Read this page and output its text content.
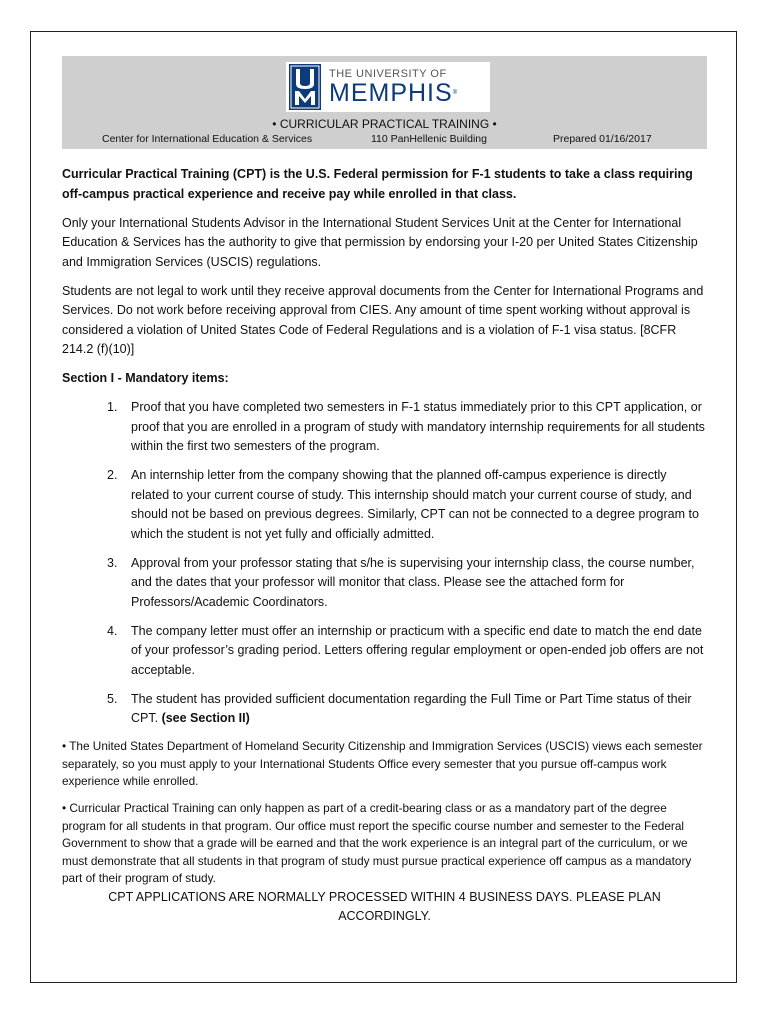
THE UNIVERSITY OF
MEMPHIS®
• CURRICULAR PRACTICAL TRAINING •
Center for International Education & Services	110 PanHellenic Building	Prepared 01/16/2017

Curricular Practical Training (CPT) is the U.S. Federal permission for F-1 students to take a class requiring off-campus practical experience and receive pay while enrolled in that class.

Only your International Students Advisor in the International Student Services Unit at the Center for International Education & Services has the authority to give that permission by endorsing your I-20 per United States Citizenship and Immigration Services (USCIS) regulations.

Students are not legal to work until they receive approval documents from the Center for International Programs and Services. Do not work before receiving approval from CIES. Any amount of time spent working without approval is considered a violation of United States Code of Federal Regulations and is a violation of F-1 visa status. [8CFR 214.2 (f)(10)]

Section I - Mandatory items:

1. Proof that you have completed two semesters in F-1 status immediately prior to this CPT application, or proof that you are enrolled in a program of study with mandatory internship requirements for all students within the first two semesters of the program.
2. An internship letter from the company showing that the planned off-campus experience is directly related to your current course of study. This internship should match your current course of study, and should not be based on previous degrees. Similarly, CPT can not be connected to a degree program to which the student is not yet fully and officially admitted.
3. Approval from your professor stating that s/he is supervising your internship class, the course number, and the dates that your professor will monitor that class. Please see the attached form for Professors/Academic Coordinators.
4. The company letter must offer an internship or practicum with a specific end date to match the end date of your professor’s grading period. Letters offering regular employment or open-ended job offers are not acceptable.
5. The student has provided sufficient documentation regarding the Full Time or Part Time status of their CPT. (see Section II)

• The United States Department of Homeland Security Citizenship and Immigration Services (USCIS) views each semester separately, so you must apply to your International Students Office every semester that you pursue off-campus work experience while enrolled.

• Curricular Practical Training can only happen as part of a credit-bearing class or as a mandatory part of the degree program for all students in that program. Our office must report the specific course number and semester to the Federal Government to show that a grade will be earned and that the work experience is an integral part of the curriculum, or we must demonstrate that all students in that program of study must pursue practical experience off campus as a mandatory part of their program of study.

CPT APPLICATIONS ARE NORMALLY PROCESSED WITHIN 4 BUSINESS DAYS. PLEASE PLAN ACCORDINGLY.
